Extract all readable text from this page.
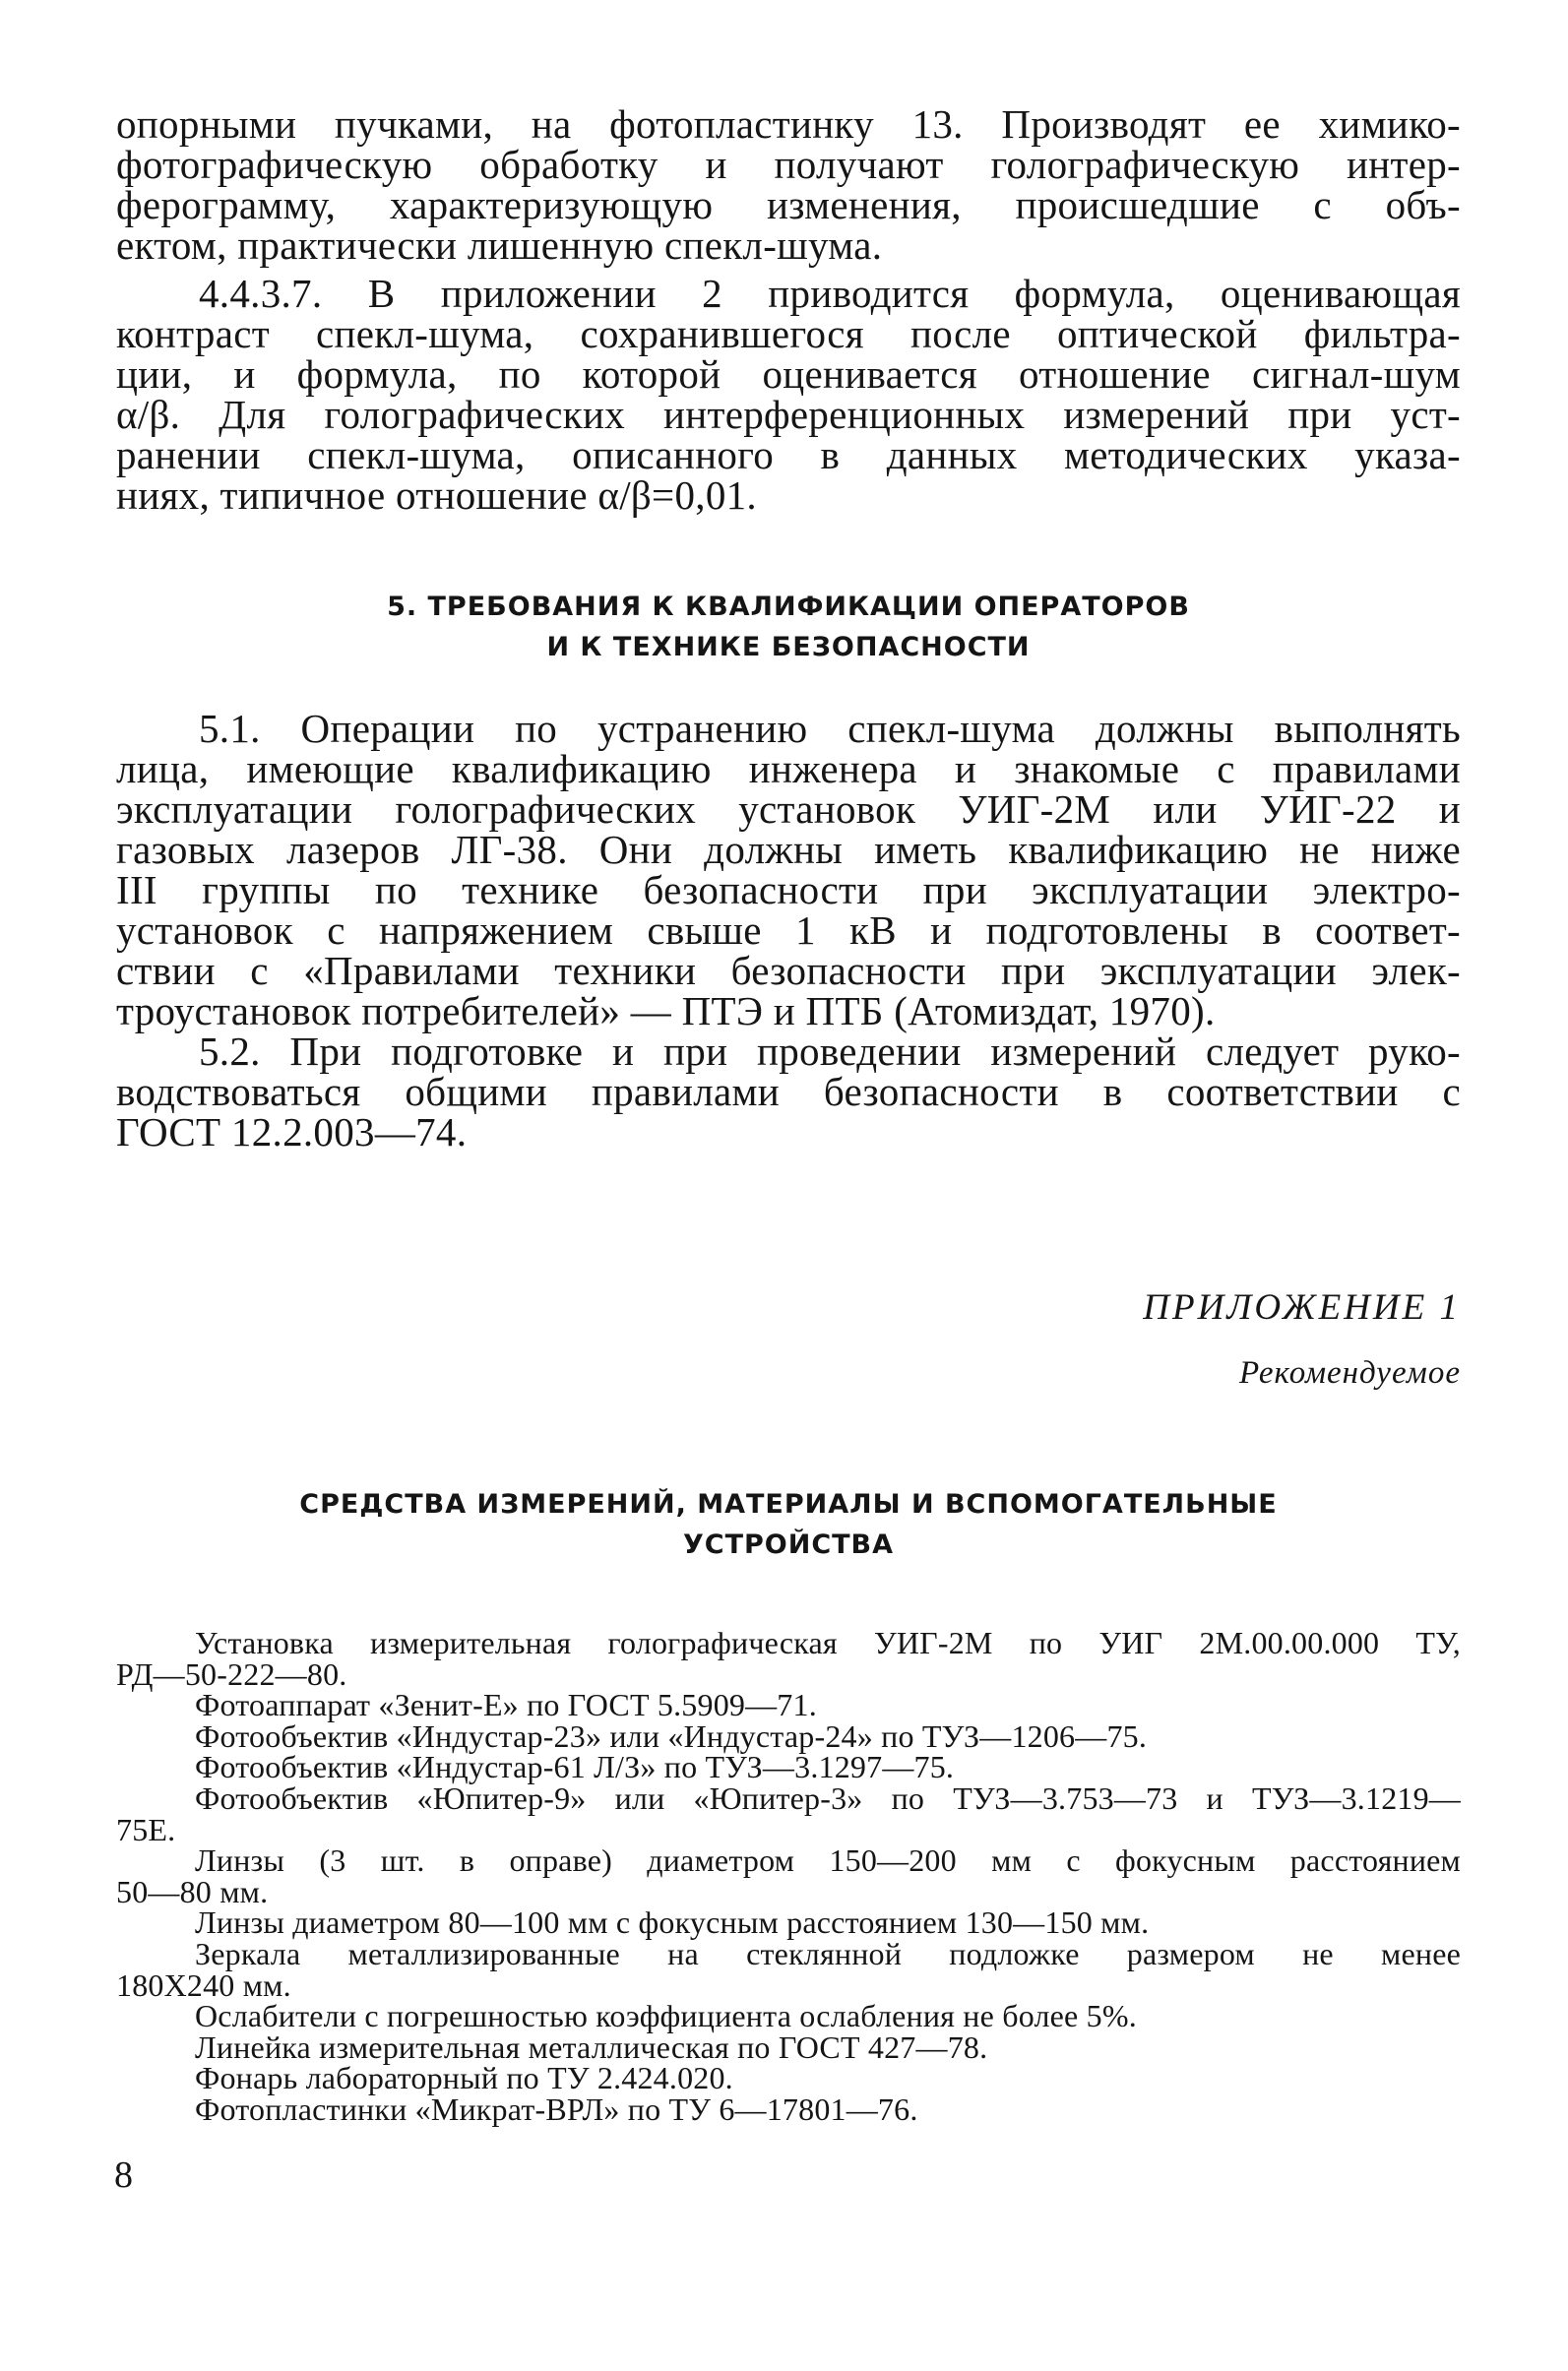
опорными пучками, на фотопластинку 13. Производят ее химико-
фотографическую обработку и получают голографическую интер-
ферограмму, характеризующую изменения, происшедшие с объ-
ектом, практически лишенную спекл-шума.
4.4.3.7. В приложении 2 приводится формула, оценивающая
контраст спекл-шума, сохранившегося после оптической фильтра-
ции, и формула, по которой оценивается отношение сигнал-шум
α/β. Для голографических интерференционных измерений при уст-
ранении спекл-шума, описанного в данных методических указа-
ниях, типичное отношение α/β=0,01.
5. ТРЕБОВАНИЯ К КВАЛИФИКАЦИИ ОПЕРАТОРОВ
И К ТЕХНИКЕ БЕЗОПАСНОСТИ
5.1. Операции по устранению спекл-шума должны выполнять
лица, имеющие квалификацию инженера и знакомые с правилами
эксплуатации голографических установок УИГ-2М или УИГ-22 и
газовых лазеров ЛГ-38. Они должны иметь квалификацию не ниже
III группы по технике безопасности при эксплуатации электро-
установок с напряжением свыше 1 кВ и подготовлены в соответ-
ствии с «Правилами техники безопасности при эксплуатации элек-
троустановок потребителей» — ПТЭ и ПТБ (Атомиздат, 1970).
5.2. При подготовке и при проведении измерений следует руко-
водствоваться общими правилами безопасности в соответствии с
ГОСТ 12.2.003—74.
ПРИЛОЖЕНИЕ 1
Рекомендуемое
СРЕДСТВА ИЗМЕРЕНИЙ, МАТЕРИАЛЫ И ВСПОМОГАТЕЛЬНЫЕ
УСТРОЙСТВА
Установка измерительная голографическая УИГ-2М по УИГ 2М.00.00.000 ТУ,
РД—50-222—80.
Фотоаппарат «Зенит-Е» по ГОСТ 5.5909—71.
Фотообъектив «Индустар-23» или «Индустар-24» по ТУЗ—1206—75.
Фотообъектив «Индустар-61 Л/З» по ТУЗ—3.1297—75.
Фотообъектив «Юпитер-9» или «Юпитер-3» по ТУЗ—3.753—73 и ТУЗ—3.1219—
75Е.
Линзы (3 шт. в оправе) диаметром 150—200 мм с фокусным расстоянием
50—80 мм.
Линзы диаметром 80—100 мм с фокусным расстоянием 130—150 мм.
Зеркала металлизированные на стеклянной подложке размером не менее
180Х240 мм.
Ослабители с погрешностью коэффициента ослабления не более 5%.
Линейка измерительная металлическая по ГОСТ 427—78.
Фонарь лабораторный по ТУ 2.424.020.
Фотопластинки «Микрат-ВРЛ» по ТУ 6—17801—76.
8
